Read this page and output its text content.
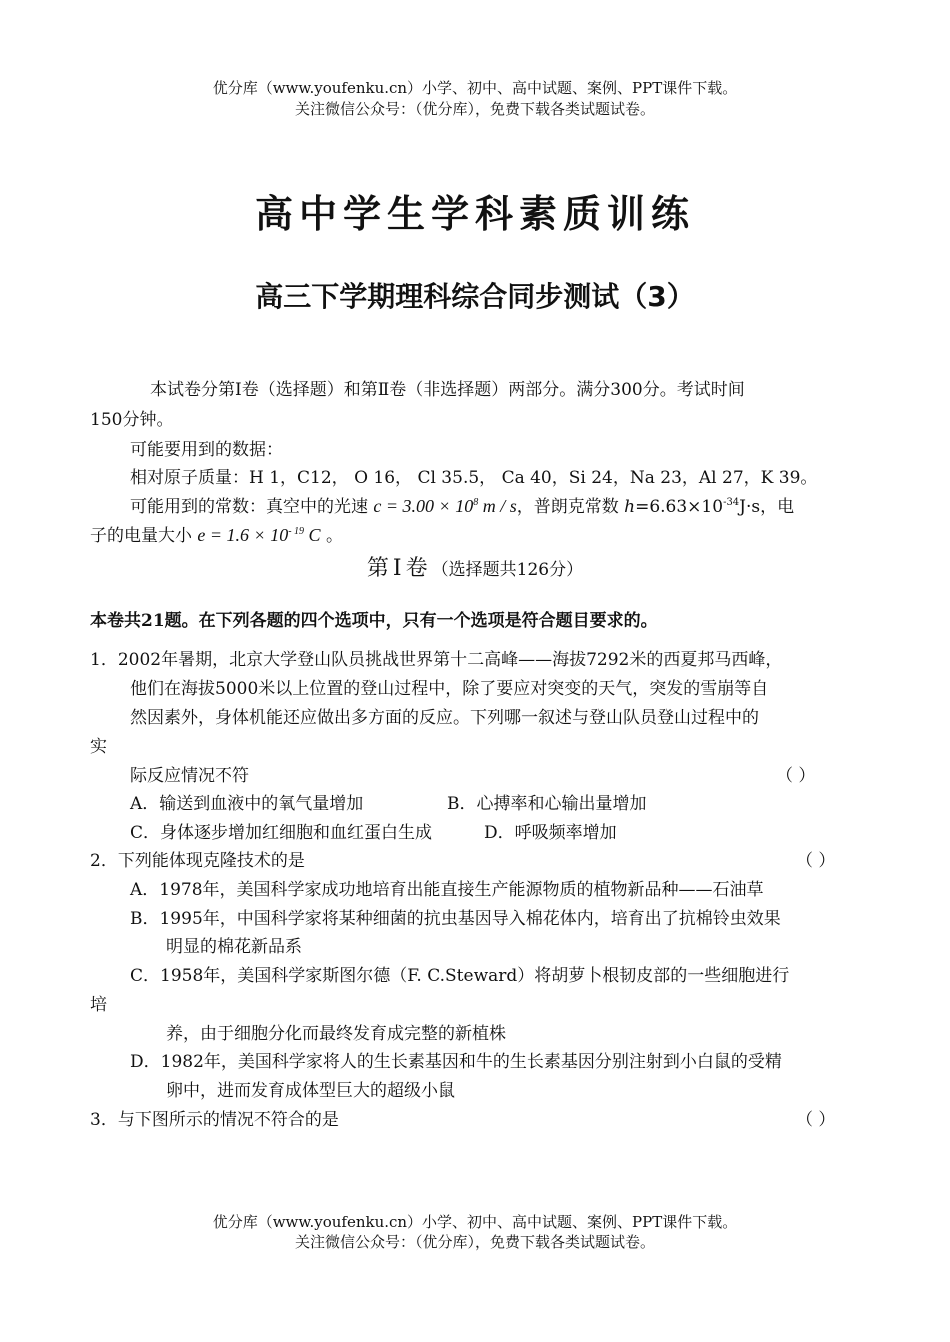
优分库（www.youfenku.cn）小学、初中、高中试题、案例、PPT课件下载。
关注微信公众号：（优分库），免费下载各类试题试卷。
高中学生学科素质训练
高三下学期理科综合同步测试（3）
本试卷分第Ⅰ卷（选择题）和第Ⅱ卷（非选择题）两部分。满分300分。考试时间
150分钟。
可能要用到的数据：
相对原子质量：H 1，C12， O 16， Cl 35.5， Ca 40，Si 24，Na 23，Al 27，K 39。
可能用到的常数：真空中的光速 $c = 3.00 \times 10^8$ m / s，普朗克常数 $h=6.63\times 10^{-34}J\cdot s$，电
子的电量大小 $e = 1.6 \times 10^{- 19}$ C 。
第Ⅰ卷（选择题共126分）
本卷共21题。在下列各题的四个选项中，只有一个选项是符合题目要求的。
1．2002年暑期，北京大学登山队员挑战世界第十二高峰——海拔7292米的西夏邦马西峰，
他们在海拔5000米以上位置的登山过程中，除了要应对突变的天气，突发的雪崩等自
然因素外，身体机能还应做出多方面的反应。下列哪一叙述与登山队员登山过程中的
实
际反应情况不符	（ ）
A．输送到血液中的氧气量增加	B．心搏率和心输出量增加
C．身体逐步增加红细胞和血红蛋白生成	D．呼吸频率增加
2．下列能体现克隆技术的是	（ ）
A．1978年，美国科学家成功地培育出能直接生产能源物质的植物新品种——石油草
B．1995年，中国科学家将某种细菌的抗虫基因导入棉花体内，培育出了抗棉铃虫效果
明显的棉花新品系
C．1958年，美国科学家斯图尔德（F. C.Steward）将胡萝卜根韧皮部的一些细胞进行
培
养，由于细胞分化而最终发育成完整的新植株
D．1982年，美国科学家将人的生长素基因和牛的生长素基因分别注射到小白鼠的受精
卵中，进而发育成体型巨大的超级小鼠
3．与下图所示的情况不符合的是	（ ）
优分库（www.youfenku.cn）小学、初中、高中试题、案例、PPT课件下载。
关注微信公众号：（优分库），免费下载各类试题试卷。
